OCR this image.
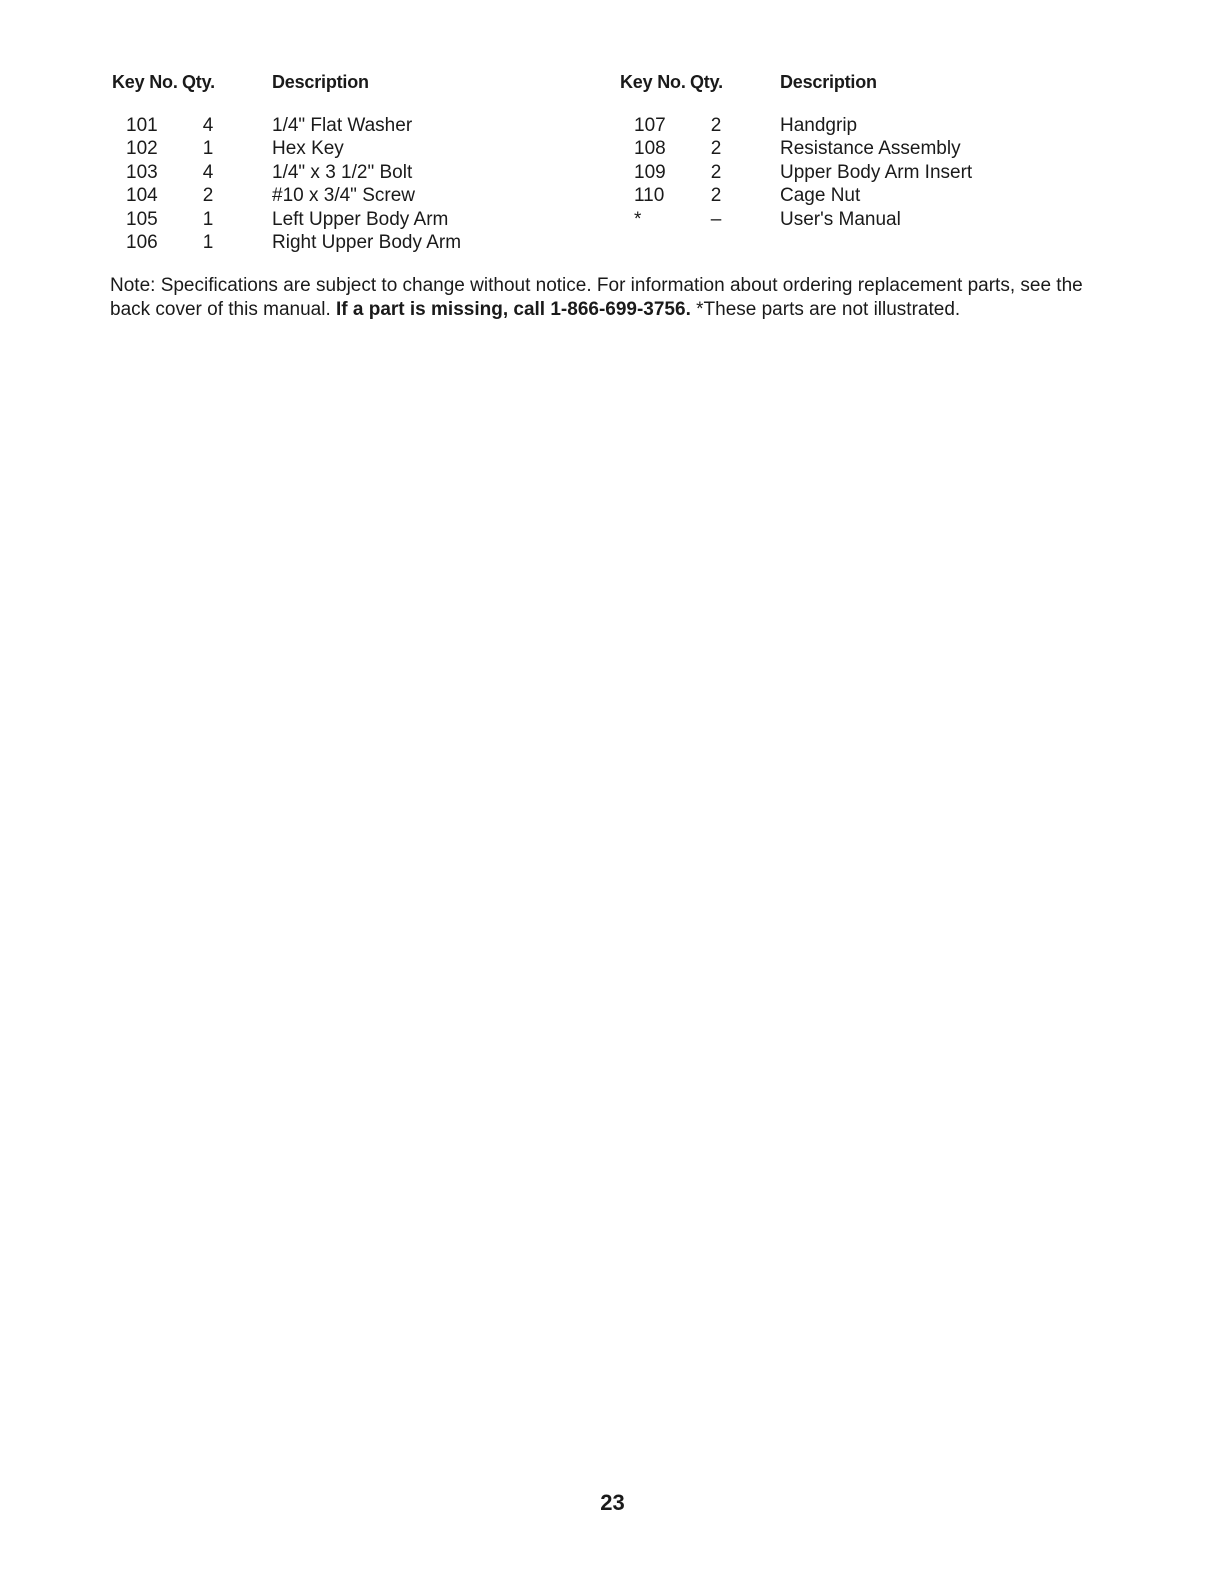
Key No. Qty.	Description
101	4	1/4" Flat Washer
102	1	Hex Key
103	4	1/4" x 3 1/2" Bolt
104	2	#10 x 3/4" Screw
105	1	Left Upper Body Arm
106	1	Right Upper Body Arm
Key No. Qty.	Description
107	2	Handgrip
108	2	Resistance Assembly
109	2	Upper Body Arm Insert
110	2	Cage Nut
*	–	User's Manual
Note: Specifications are subject to change without notice. For information about ordering replacement parts, see the back cover of this manual. If a part is missing, call 1-866-699-3756. *These parts are not illustrated.
23
